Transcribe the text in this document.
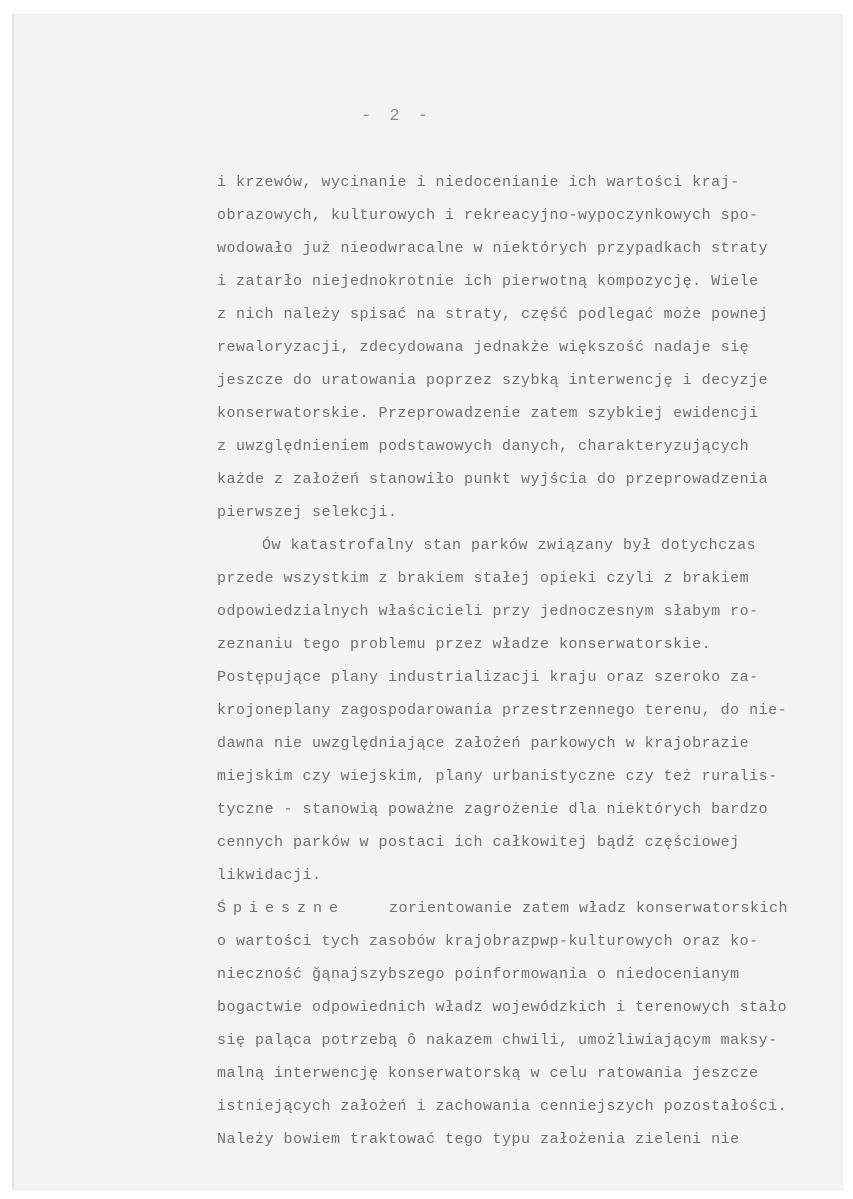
- 2 -
i krzewów, wycinanie i niedocenianie ich wartości kraj-
obrazowych, kulturowych i rekreacyjno-wypoczynkowych spo-
wodowało już nieodwracalne w niektórych przypadkach straty
i zatarło niejednokrotnie ich pierwotną kompozycję. Wiele
z nich należy spisać na straty, część podlegać może pownej
rewaloryzacji, zdecydowana jednakże większość nadaje się
jeszcze do uratowania poprzez szybką interwencję i decyzje
konserwatorskie. Przeprowadzenie zatem szybkiej ewidencji
z uwzględnieniem podstawowych danych, charakteryzujących
każde z założeń stanowiło punkt wyjścia do przeprowadzenia
pierwszej selekcji.
Ów katastrofalny stan parków związany był dotychczas
przede wszystkim z brakiem stałej opieki czyli z brakiem
odpowiedzialnych właścicieli przy jednoczesnym słabym ro-
zeznaniu tego problemu przez władze konserwatorskie.
Postępujące plany industrializacji kraju oraz szeroko za-
krojoneplany zagospodarowania przestrzennego terenu, do nie-
dawna nie uwzględniające założeń parkowych w krajobrazie
miejskim czy wiejskim, plany urbanistyczne czy też ruralis-
tyczne - stanowią poważne zagrożenie dla niektórych bardzo
cennych parków w postaci ich całkowitej bądź częściowej
likwidacji.
Śpieszne	zorientowanie zatem władz konserwatorskich
o wartości tych zasobów krajobrazpwp-kulturowych oraz ko-
nieczność ğąnajszybszego poinformowania o niedocenianym
bogactwie odpowiednich władz wojewódzkich i terenowych stało
się paląca potrzebą ô nakazem chwili, umożliwiającym maksy-
malną interwencję konserwatorską w celu ratowania jeszcze
istniejących założeń i zachowania cenniejszych pozostałości.
Należy bowiem traktować tego typu założenia zieleni nie
